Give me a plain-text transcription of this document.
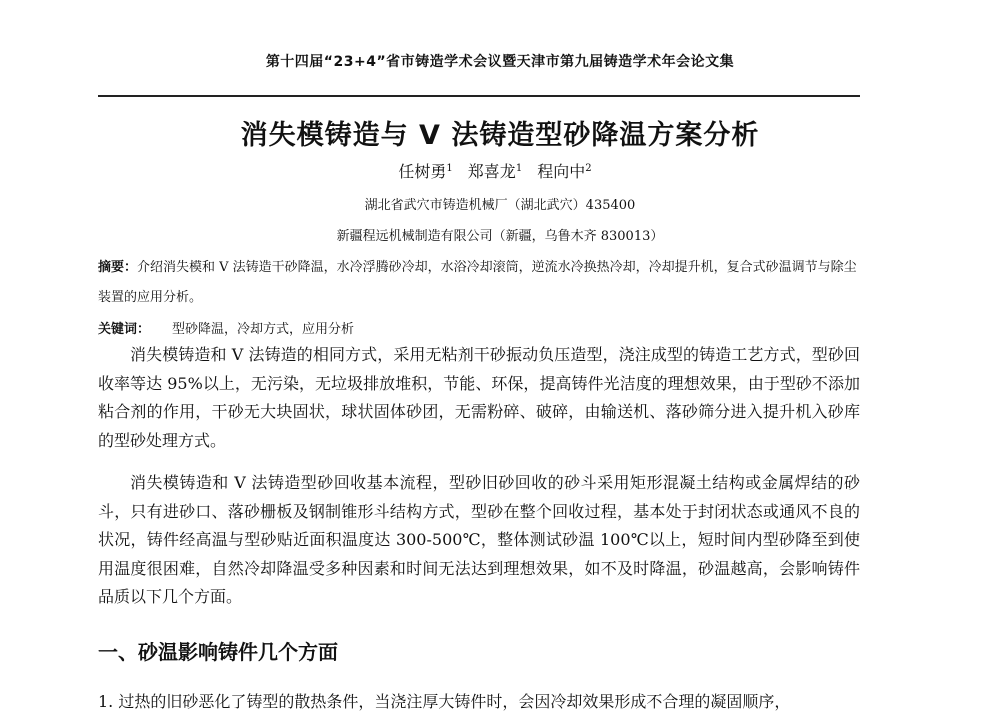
第十四届“23+4”省市铸造学术会议暨天津市第九届铸造学术年会论文集
消失模铸造与 V 法铸造型砂降温方案分析
任树勇$^1$ 郑喜龙$^1$ 程向中$^2$
湖北省武穴市铸造机械厂（湖北武穴）435400
新疆程远机械制造有限公司（新疆，乌鲁木齐 830013）

摘要：介绍消失模和 V 法铸造干砂降温，水冷浮腾砂冷却，水浴冷却滚筒，逆流水冷换热冷却，冷却提升机，复合式砂温调节与除尘装置的应用分析。

关键词： 型砂降温，冷却方式，应用分析

消失模铸造和 V 法铸造的相同方式，采用无粘剂干砂振动负压造型，浇注成型的铸造工艺方式，型砂回收率等达 95%以上，无污染，无垃圾排放堆积，节能、环保，提高铸件光洁度的理想效果，由于型砂不添加粘合剂的作用，干砂无大块固状，球状固体砂团，无需粉碎、破碎，由输送机、落砂筛分进入提升机入砂库的型砂处理方式。

消失模铸造和 V 法铸造型砂回收基本流程，型砂旧砂回收的砂斗采用矩形混凝土结构或金属焊结的砂斗，只有进砂口、落砂栅板及钢制锥形斗结构方式，型砂在整个回收过程，基本处于封闭状态或通风不良的状况，铸件经高温与型砂贴近面积温度达 300-500℃，整体测试砂温 100℃以上，短时间内型砂降至到使用温度很困难，自然冷却降温受多种因素和时间无法达到理想效果，如不及时降温，砂温越高，会影响铸件品质以下几个方面。

一、砂温影响铸件几个方面

1. 过热的旧砂恶化了铸型的散热条件，当浇注厚大铸件时，会因冷却效果形成不合理的凝固顺序，
